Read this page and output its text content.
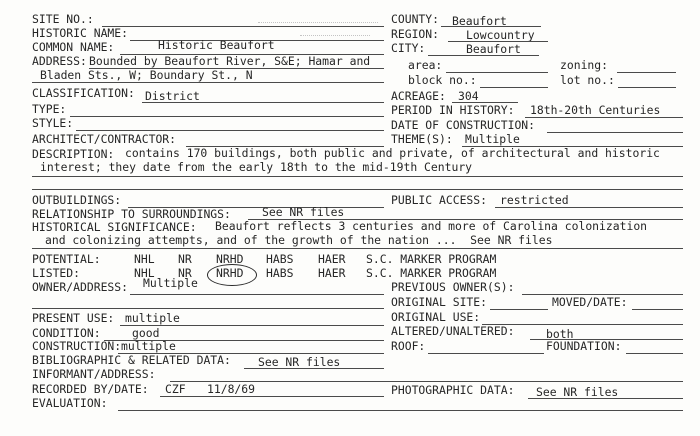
SITE NO.:
HISTORIC NAME:
COMMON NAME:	Historic Beaufort
ADDRESS: Bounded by Beaufort River, S&E; Hamar and
Bladen Sts., W; Boundary St., N
CLASSIFICATION: District
TYPE:
STYLE:
ARCHITECT/CONTRACTOR:
COUNTY: Beaufort
REGION: Lowcountry
CITY:	Beaufort
area:	zoning:
block no.:	lot no.:
ACREAGE: 304
PERIOD IN HISTORY: 18th-20th Centuries
DATE OF CONSTRUCTION:
THEME(S): Multiple
DESCRIPTION: contains 170 buildings, both public and private, of architectural and historic
interest; they date from the early 18th to the mid-19th Century
OUTBUILDINGS:	PUBLIC ACCESS: restricted
RELATIONSHIP TO SURROUNDINGS:	See NR files
HISTORICAL SIGNIFICANCE: Beaufort reflects 3 centuries and more of Carolina colonization
and colonizing attempts, and of the growth of the nation ...  See NR files
POTENTIAL:	NHL NR NRHD HABS HAER S.C. MARKER PROGRAM
LISTED:	NHL NR NRHD HABS HAER S.C. MARKER PROGRAM
OWNER/ADDRESS: Multiple	PREVIOUS OWNER(S):
ORIGINAL SITE:	MOVED/DATE:
PRESENT USE: multiple	ORIGINAL USE:
CONDITION:	good	ALTERED/UNALTERED:	both
CONSTRUCTION: multiple	ROOF:	FOUNDATION:
BIBLIOGRAPHIC & RELATED DATA: See NR files
INFORMANT/ADDRESS:
RECORDED BY/DATE: CZF 11/8/69	PHOTOGRAPHIC DATA: See NR files
EVALUATION:
